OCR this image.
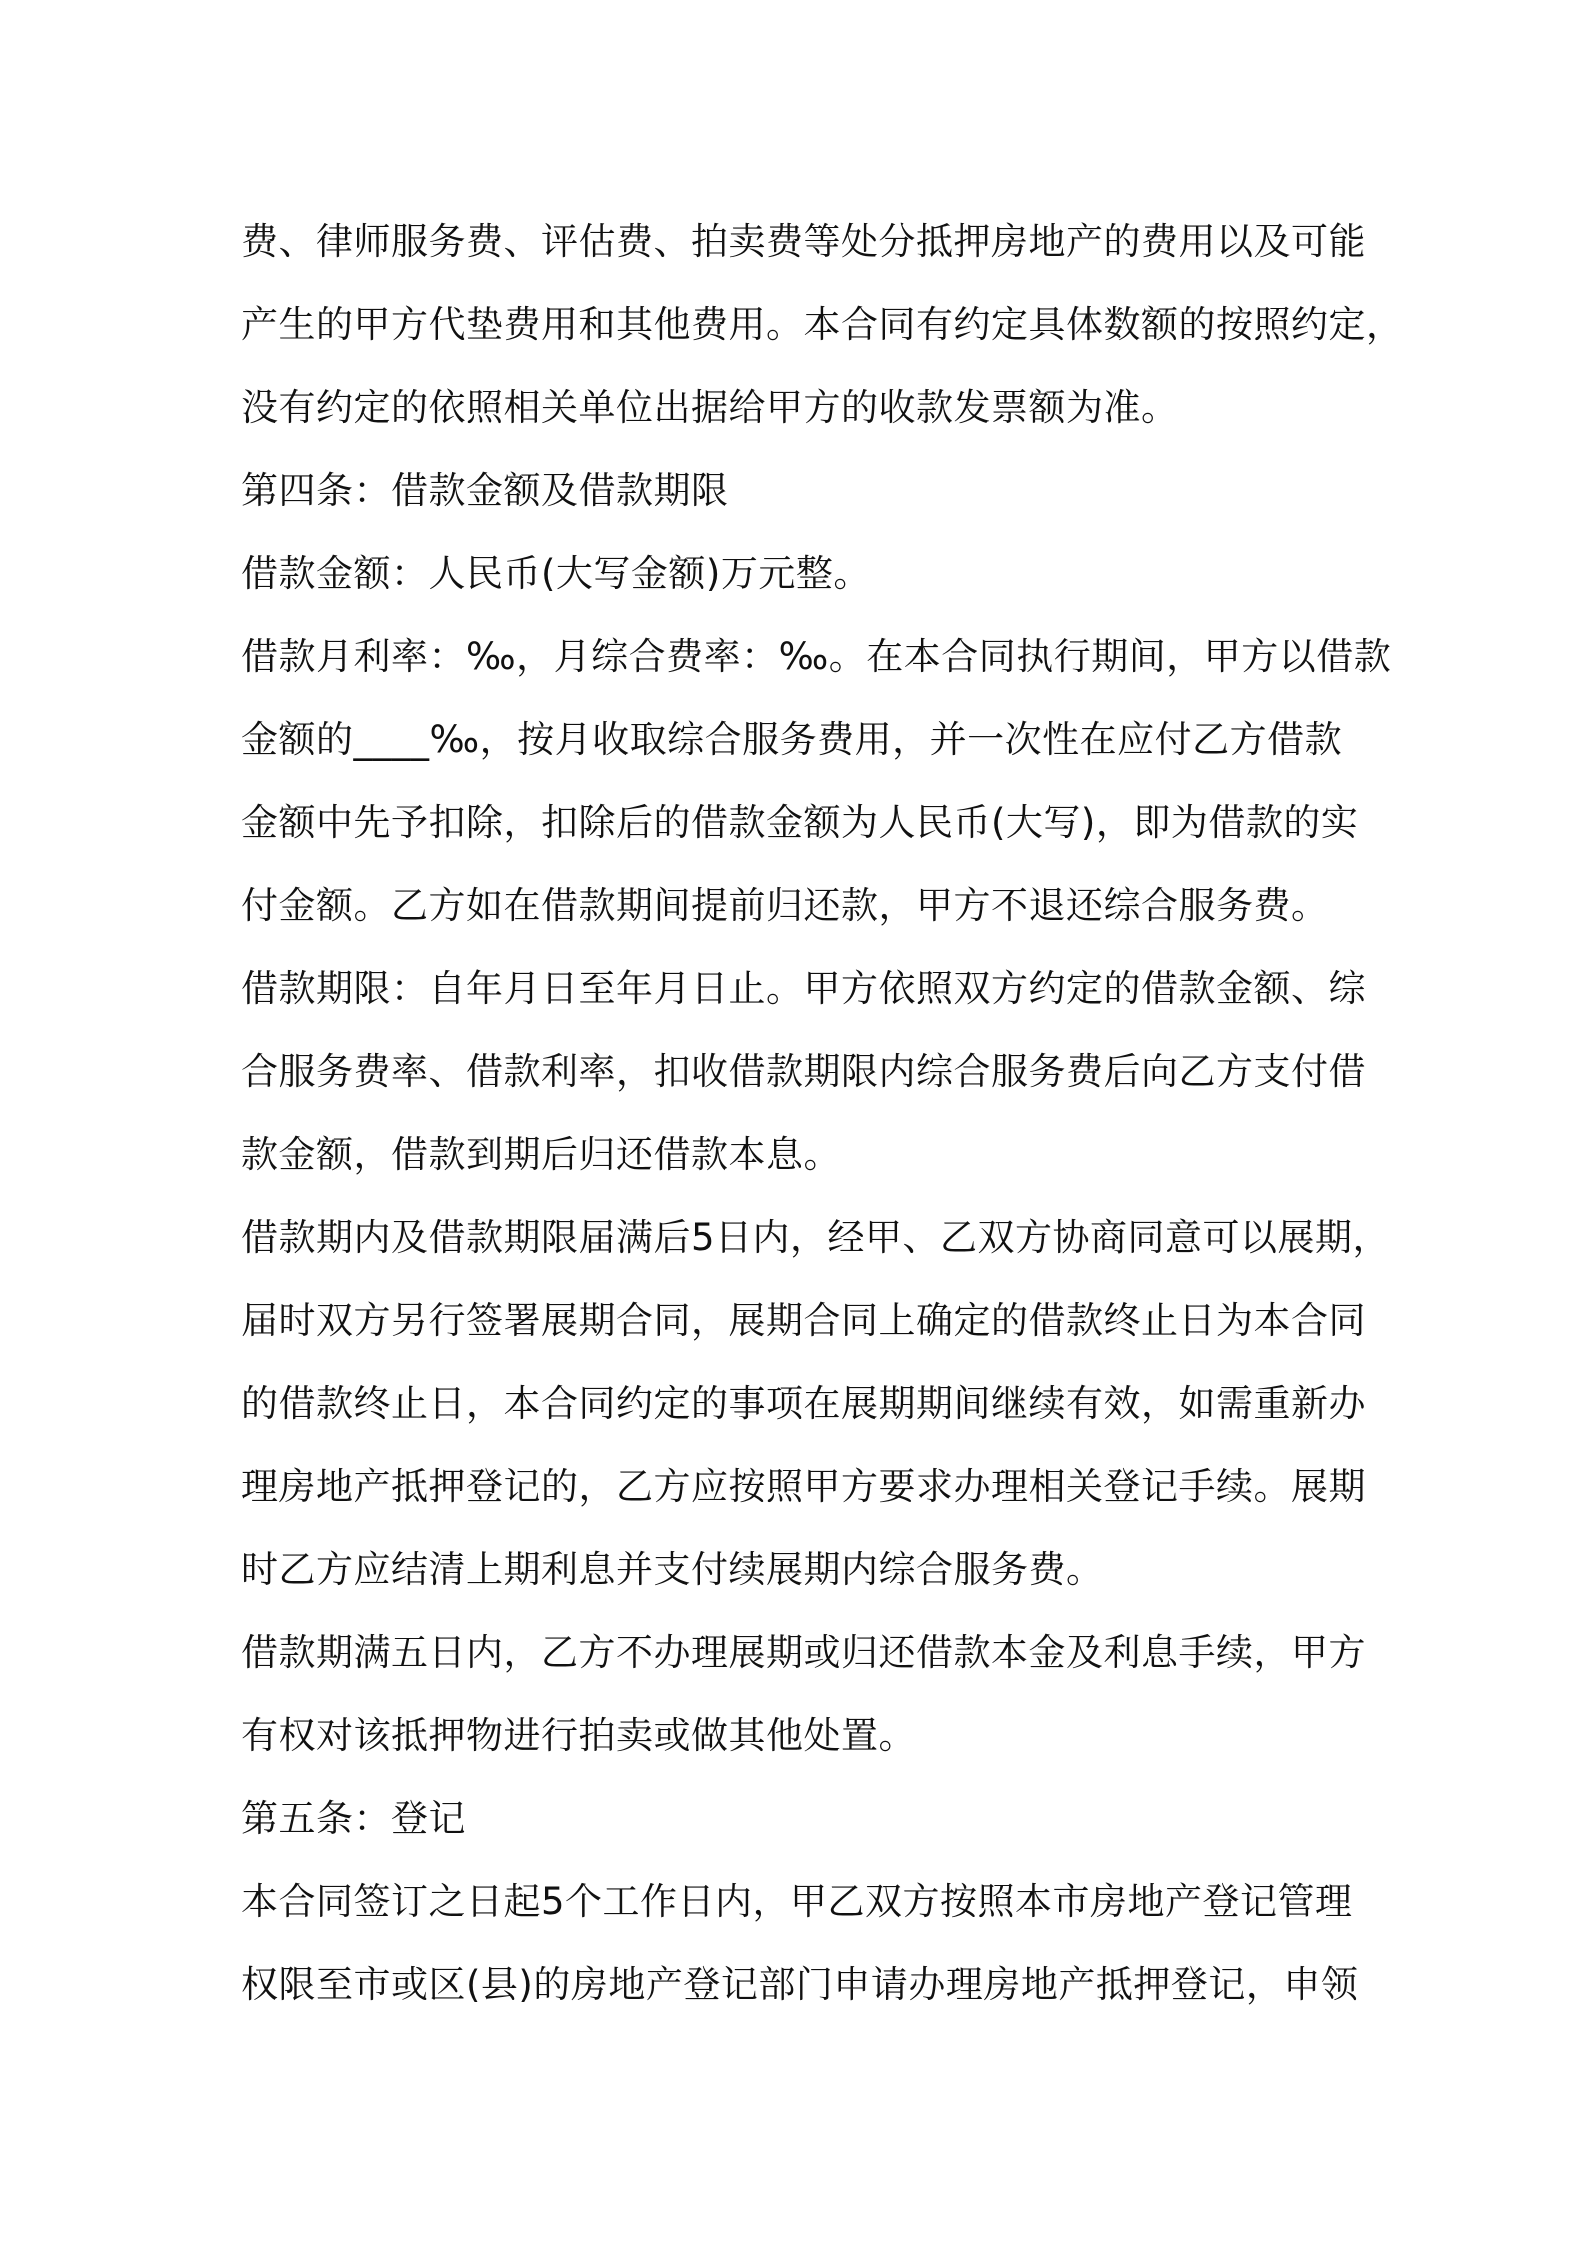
费、律师服务费、评估费、拍卖费等处分抵押房地产的费用以及可能
产生的甲方代垫费用和其他费用。本合同有约定具体数额的按照约定，
没有约定的依照相关单位出据给甲方的收款发票额为准。
第四条：借款金额及借款期限
借款金额：人民币(大写金额)万元整。
借款月利率：‰，月综合费率：‰。在本合同执行期间，甲方以借款
金额的____‰，按月收取综合服务费用，并一次性在应付乙方借款
金额中先予扣除，扣除后的借款金额为人民币(大写)，即为借款的实
付金额。乙方如在借款期间提前归还款，甲方不退还综合服务费。
借款期限：自年月日至年月日止。甲方依照双方约定的借款金额、综
合服务费率、借款利率，扣收借款期限内综合服务费后向乙方支付借
款金额，借款到期后归还借款本息。
借款期内及借款期限届满后5日内，经甲、乙双方协商同意可以展期，
届时双方另行签署展期合同，展期合同上确定的借款终止日为本合同
的借款终止日，本合同约定的事项在展期期间继续有效，如需重新办
理房地产抵押登记的，乙方应按照甲方要求办理相关登记手续。展期
时乙方应结清上期利息并支付续展期内综合服务费。
借款期满五日内，乙方不办理展期或归还借款本金及利息手续，甲方
有权对该抵押物进行拍卖或做其他处置。
第五条：登记
本合同签订之日起5个工作日内，甲乙双方按照本市房地产登记管理
权限至市或区(县)的房地产登记部门申请办理房地产抵押登记，申领
